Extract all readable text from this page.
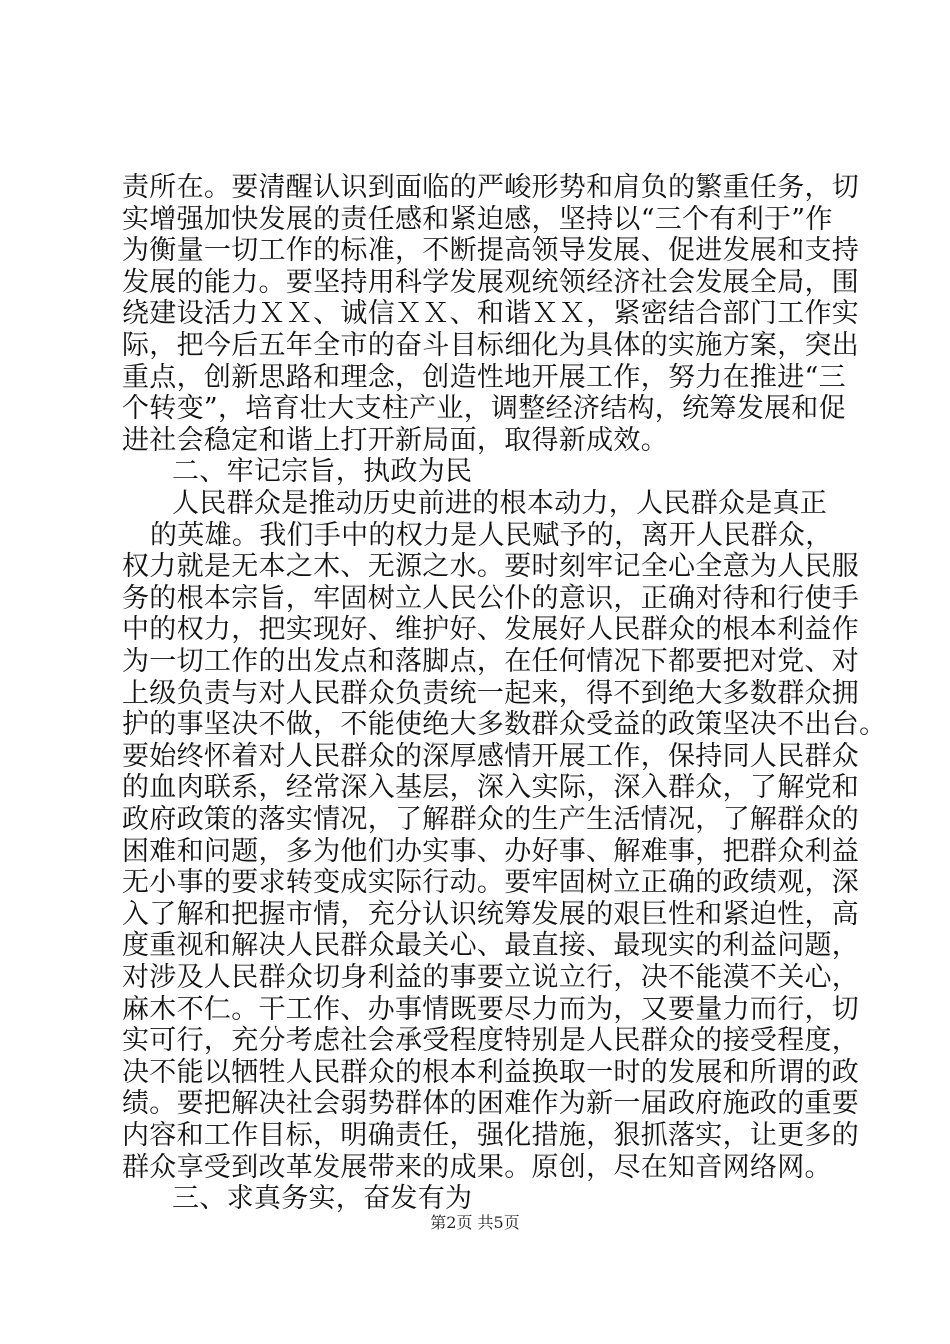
责所在。要清醒认识到面临的严峻形势和肩负的繁重任务，切
实增强加快发展的责任感和紧迫感，坚持以“三个有利于”作
为衡量一切工作的标准，不断提高领导发展、促进发展和支持
发展的能力。要坚持用科学发展观统领经济社会发展全局，围
绕建设活力ＸＸ、诚信ＸＸ、和谐ＸＸ，紧密结合部门工作实
际，把今后五年全市的奋斗目标细化为具体的实施方案，突出
重点，创新思路和理念，创造性地开展工作，努力在推进“三
个转变”，培育壮大支柱产业，调整经济结构，统筹发展和促
进社会稳定和谐上打开新局面，取得新成效。
二、牢记宗旨，执政为民
人民群众是推动历史前进的根本动力，人民群众是真正
的英雄。我们手中的权力是人民赋予的，离开人民群众，
权力就是无本之木、无源之水。要时刻牢记全心全意为人民服
务的根本宗旨，牢固树立人民公仆的意识，正确对待和行使手
中的权力，把实现好、维护好、发展好人民群众的根本利益作
为一切工作的出发点和落脚点，在任何情况下都要把对党、对
上级负责与对人民群众负责统一起来，得不到绝大多数群众拥
护的事坚决不做，不能使绝大多数群众受益的政策坚决不出台。
要始终怀着对人民群众的深厚感情开展工作，保持同人民群众
的血肉联系，经常深入基层，深入实际，深入群众，了解党和
政府政策的落实情况，了解群众的生产生活情况，了解群众的
困难和问题，多为他们办实事、办好事、解难事，把群众利益
无小事的要求转变成实际行动。要牢固树立正确的政绩观，深
入了解和把握市情，充分认识统筹发展的艰巨性和紧迫性，高
度重视和解决人民群众最关心、最直接、最现实的利益问题，
对涉及人民群众切身利益的事要立说立行，决不能漠不关心，
麻木不仁。干工作、办事情既要尽力而为，又要量力而行，切
实可行，充分考虑社会承受程度特别是人民群众的接受程度，
决不能以牺牲人民群众的根本利益换取一时的发展和所谓的政
绩。要把解决社会弱势群体的困难作为新一届政府施政的重要
内容和工作目标，明确责任，强化措施，狠抓落实，让更多的
群众享受到改革发展带来的成果。原创，尽在知音网络网。
三、求真务实，奋发有为
第2页 共5页
